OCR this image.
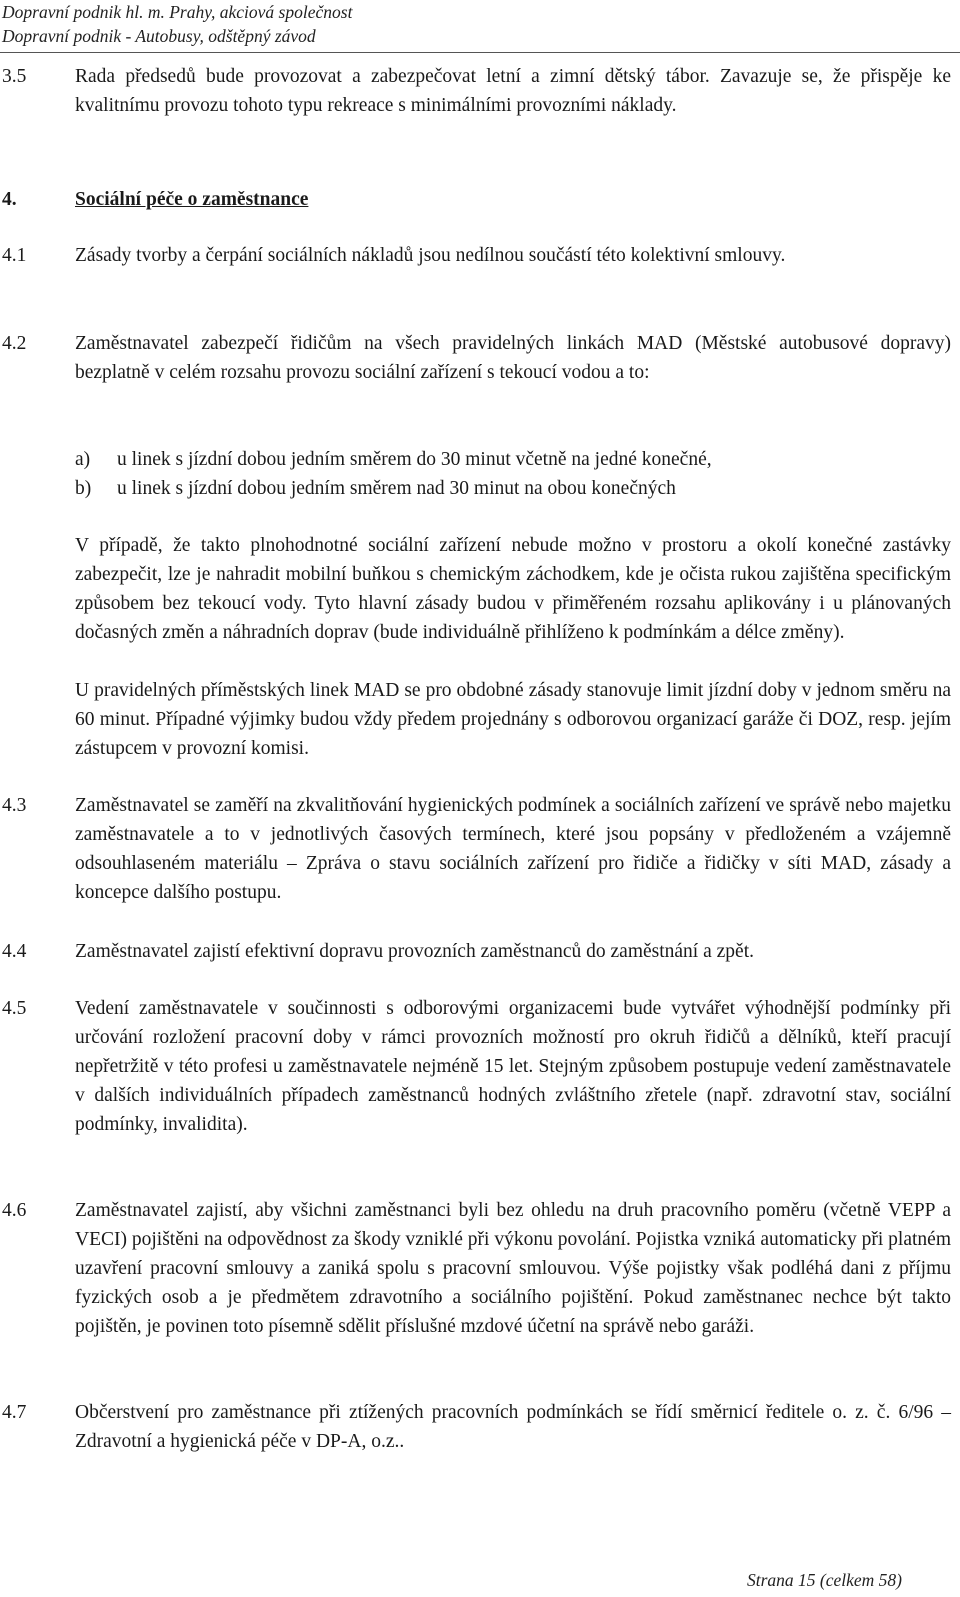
Dopravní podnik hl. m. Prahy, akciová společnost
Dopravní podnik - Autobusy, odštěpný závod
3.5 Rada předsedů bude provozovat a zabezpečovat letní a zimní dětský tábor. Zavazuje se, že přispěje ke kvalitnímu provozu tohoto typu rekreace s minimálními provozními náklady.
4.	Sociální péče o zaměstnance
4.1 Zásady tvorby a čerpání sociálních nákladů jsou nedílnou součástí této kolektivní smlouvy.
4.2 Zaměstnavatel zabezpečí řidičům na všech pravidelných linkách MAD (Městské autobusové dopravy) bezplatně v celém rozsahu provozu sociální zařízení s tekoucí vodou a to:
a) u linek s jízdní dobou jedním směrem do 30 minut včetně na jedné konečné,
b) u linek s jízdní dobou jedním směrem nad 30 minut na obou konečných
V případě, že takto plnohodnotné sociální zařízení nebude možno v prostoru a okolí konečné zastávky zabezpečit, lze je nahradit mobilní buňkou s chemickým záchodkem, kde je očista rukou zajištěna specifickým způsobem bez tekoucí vody. Tyto hlavní zásady budou v přiměřeném rozsahu aplikovány i u plánovaných dočasných změn a náhradních doprav (bude individuálně přihlíženo k podmínkám a délce změny).
U pravidelných příměstských linek MAD se pro obdobné zásady stanovuje limit jízdní doby v jednom směru na 60 minut. Případné výjimky budou vždy předem projednány s odborovou organizací garáže či DOZ, resp. jejím zástupcem v provozní komisi.
4.3 Zaměstnavatel se zaměří na zkvalitňování hygienických podmínek a sociálních zařízení ve správě nebo majetku zaměstnavatele a to v jednotlivých časových termínech, které jsou popsány v předloženém a vzájemně odsouhlaseném materiálu – Zpráva o stavu sociálních zařízení pro řidiče a řidičky v síti MAD, zásady a koncepce dalšího postupu.
4.4 Zaměstnavatel zajistí efektivní dopravu provozních zaměstnanců do zaměstnání a zpět.
4.5 Vedení zaměstnavatele v součinnosti s odborovými organizacemi bude vytvářet výhodnější podmínky při určování rozložení pracovní doby v rámci provozních možností pro okruh řidičů a dělníků, kteří pracují nepřetržitě v této profesi u zaměstnavatele nejméně 15 let. Stejným způsobem postupuje vedení zaměstnavatele v dalších individuálních případech zaměstnanců hodných zvláštního zřetele (např. zdravotní stav, sociální podmínky, invalidita).
4.6 Zaměstnavatel zajistí, aby všichni zaměstnanci byli bez ohledu na druh pracovního poměru (včetně VEPP a VECI) pojištěni na odpovědnost za škody vzniklé při výkonu povolání. Pojistka vzniká automaticky při platném uzavření pracovní smlouvy a zaniká spolu s pracovní smlouvou. Výše pojistky však podléhá dani z příjmu fyzických osob a je předmětem zdravotního a sociálního pojištění. Pokud zaměstnanec nechce být takto pojištěn, je povinen toto písemně sdělit příslušné mzdové účetní na správě nebo garáži.
4.7 Občerstvení pro zaměstnance při ztížených pracovních podmínkách se řídí směrnicí ředitele o. z. č. 6/96 – Zdravotní a hygienická péče v DP-A, o.z..
Strana 15 (celkem 58)
